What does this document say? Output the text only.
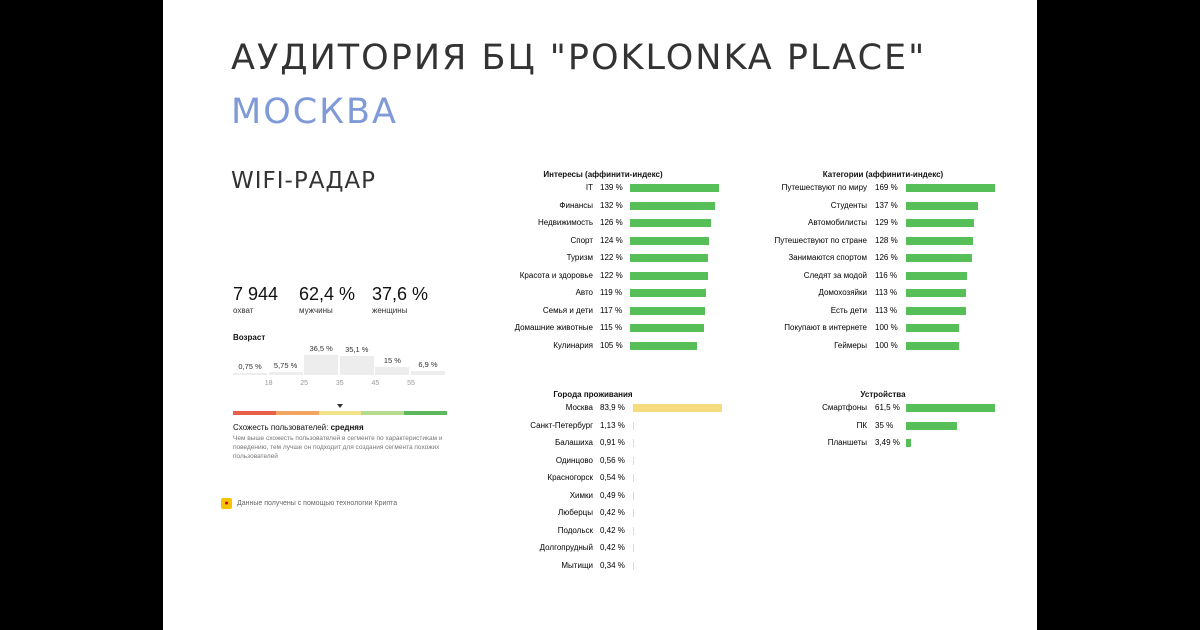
АУДИТОРИЯ БЦ "POKLONKA PLACE"
МОСКВА
WIFI-РАДАР
7 944
охват
62,4 %
мужчины
37,6 %
женщины
Возраст
0,75 %	5,75 %
36,5 %	35,1 %
15 %	6,9 %
18	25	35	45	55
Схожесть пользователей: средняя
Чем выше схожесть пользователей в сегменте по характеристикам и поведению, тем лучше он подходит для создания сегмента похожих пользователей
●	Данные получены с помощью технологии Крипта
Интересы (аффинити-индекс)
IT 139 %
Финансы 132 %
Недвижимость 126 %
Спорт 124 %
Туризм 122 %
Красота и здоровье 122 %
Авто 119 %
Семья и дети 117 %
Домашние животные 115 %
Кулинария 105 %
Категории (аффинити-индекс)
Путешествуют по миру 169 %
Студенты 137 %
Автомобилисты 129 %
Путешествуют по стране 128 %
Занимаются спортом 126 %
Следят за модой 116 %
Домохозяйки 113 %
Есть дети 113 %
Покупают в интернете 100 %
Геймеры 100 %
Города проживания
Москва 83,9 %
Санкт-Петербург 1,13 %
Балашиха 0,91 %
Одинцово 0,56 %
Красногорск 0,54 %
Химки 0,49 %
Люберцы 0,42 %
Подольск 0,42 %
Долгопрудный 0,42 %
Мытищи 0,34 %
Устройства
Смартфоны 61,5 %
ПК 35 %
Планшеты 3,49 %
